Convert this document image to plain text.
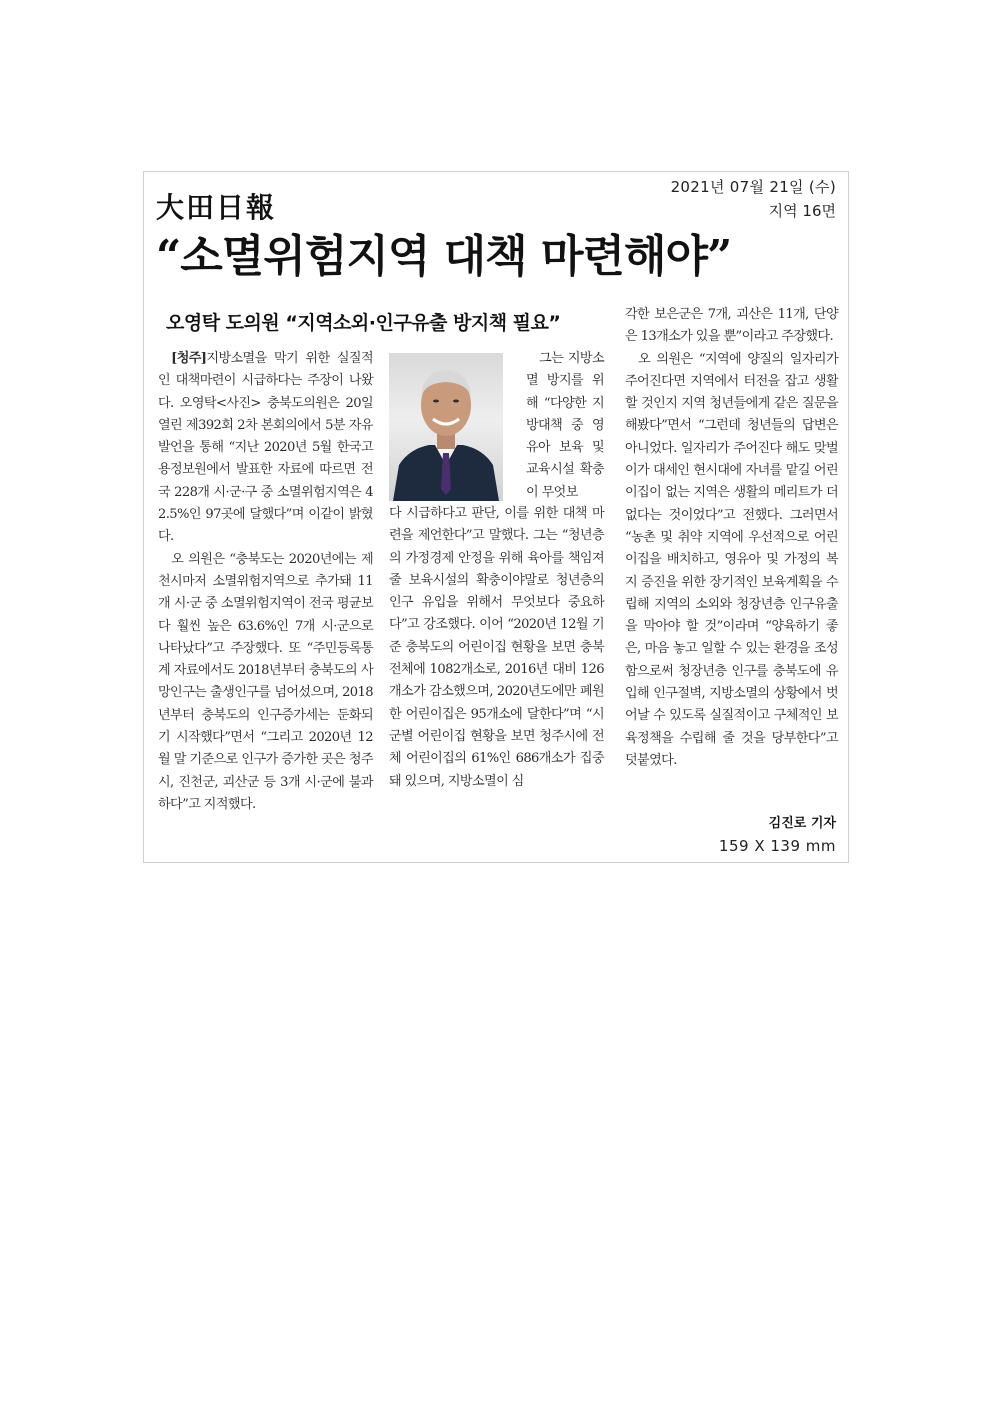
大田日報
2021년 07월 21일 (수)
지역 16면
“소멸위험지역 대책 마련해야”
오영탁 도의원 “지역소외·인구유출 방지책 필요”

[청주]지방소멸을 막기 위한 실질적인 대책마련이 시급하다는 주장이 나왔다. 오영탁<사진> 충북도의원은 20일 열린 제392회 2차 본회의에서 5분 자유발언을 통해 “지난 2020년 5월 한국고용정보원에서 발표한 자료에 따르면 전국 228개 시·군·구 중 소멸위험지역은 42.5%인 97곳에 달했다”며 이같이 밝혔다.

오 의원은 “충북도는 2020년에는 제천시마저 소멸위험지역으로 추가돼 11개 시·군 중 소멸위험지역이 전국 평균보다 훨씬 높은 63.6%인 7개 시·군으로 나타났다”고 주장했다. 또 “주민등록통계 자료에서도 2018년부터 충북도의 사망인구는 출생인구를 넘어섰으며, 2018년부터 충북도의 인구증가세는 둔화되기 시작했다”면서 “그리고 2020년 12월 말 기준으로 인구가 증가한 곳은 청주시, 진천군, 괴산군 등 3개 시·군에 불과하다”고 지적했다.

그는 지방소멸 방지를 위해 “다양한 지방대책 중 영유아 보육 및 교육시설 확충이 무엇보

다 시급하다고 판단, 이를 위한 대책 마련을 제언한다”고 말했다. 그는 “청년층의 가정경제 안정을 위해 육아를 책임져 줄 보육시설의 확충이야말로 청년층의 인구 유입을 위해서 무엇보다 중요하다”고 강조했다. 이어 “2020년 12월 기준 충북도의 어린이집 현황을 보면 충북 전체에 1082개소로, 2016년 대비 126개소가 감소했으며, 2020년도에만 폐원한 어린이집은 95개소에 달한다”며 “시군별 어린이집 현황을 보면 청주시에 전체 어린이집의 61%인 686개소가 집중돼 있으며, 지방소멸이 심

각한 보은군은 7개, 괴산은 11개, 단양은 13개소가 있을 뿐”이라고 주장했다.

오 의원은 “지역에 양질의 일자리가 주어진다면 지역에서 터전을 잡고 생활할 것인지 지역 청년들에게 같은 질문을 해봤다”면서 “그런데 청년들의 답변은 아니었다. 일자리가 주어진다 해도 맞벌이가 대세인 현시대에 자녀를 맡길 어린이집이 없는 지역은 생활의 메리트가 더 없다는 것이었다”고 전했다. 그러면서 “농촌 및 취약 지역에 우선적으로 어린이집을 배치하고, 영유아 및 가정의 복지 증진을 위한 장기적인 보육계획을 수립해 지역의 소외와 청장년층 인구유출을 막아야 할 것”이라며 “양육하기 좋은, 마음 놓고 일할 수 있는 환경을 조성함으로써 청장년층 인구를 충북도에 유입해 인구절벽, 지방소멸의 상황에서 벗어날 수 있도록 실질적이고 구체적인 보육정책을 수립해 줄 것을 당부한다”고 덧붙였다.

김진로 기자
159 X 139 mm
